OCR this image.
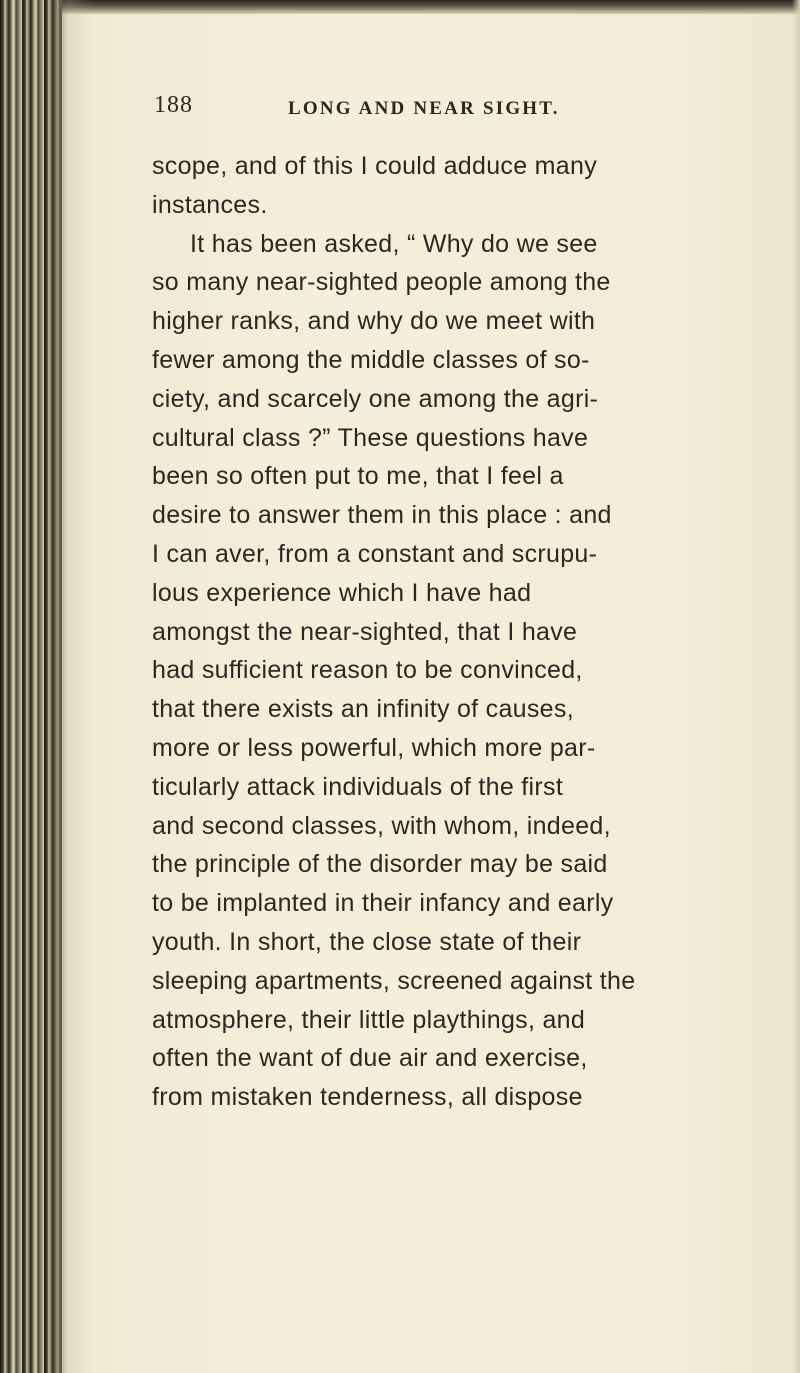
188	LONG AND NEAR SIGHT.
scope, and of this I could adduce many
instances.
It has been asked, “ Why do we see
so many near-sighted people among the
higher ranks, and why do we meet with
fewer among the middle classes of so-
ciety, and scarcely one among the agri-
cultural class ?” These questions have
been so often put to me, that I feel a
desire to answer them in this place : and
I can aver, from a constant and scrupu-
lous experience which I have had
amongst the near-sighted, that I have
had sufficient reason to be convinced,
that there exists an infinity of causes,
more or less powerful, which more par-
ticularly attack individuals of the first
and second classes, with whom, indeed,
the principle of the disorder may be said
to be implanted in their infancy and early
youth. In short, the close state of their
sleeping apartments, screened against the
atmosphere, their little playthings, and
often the want of due air and exercise,
from mistaken tenderness, all dispose
